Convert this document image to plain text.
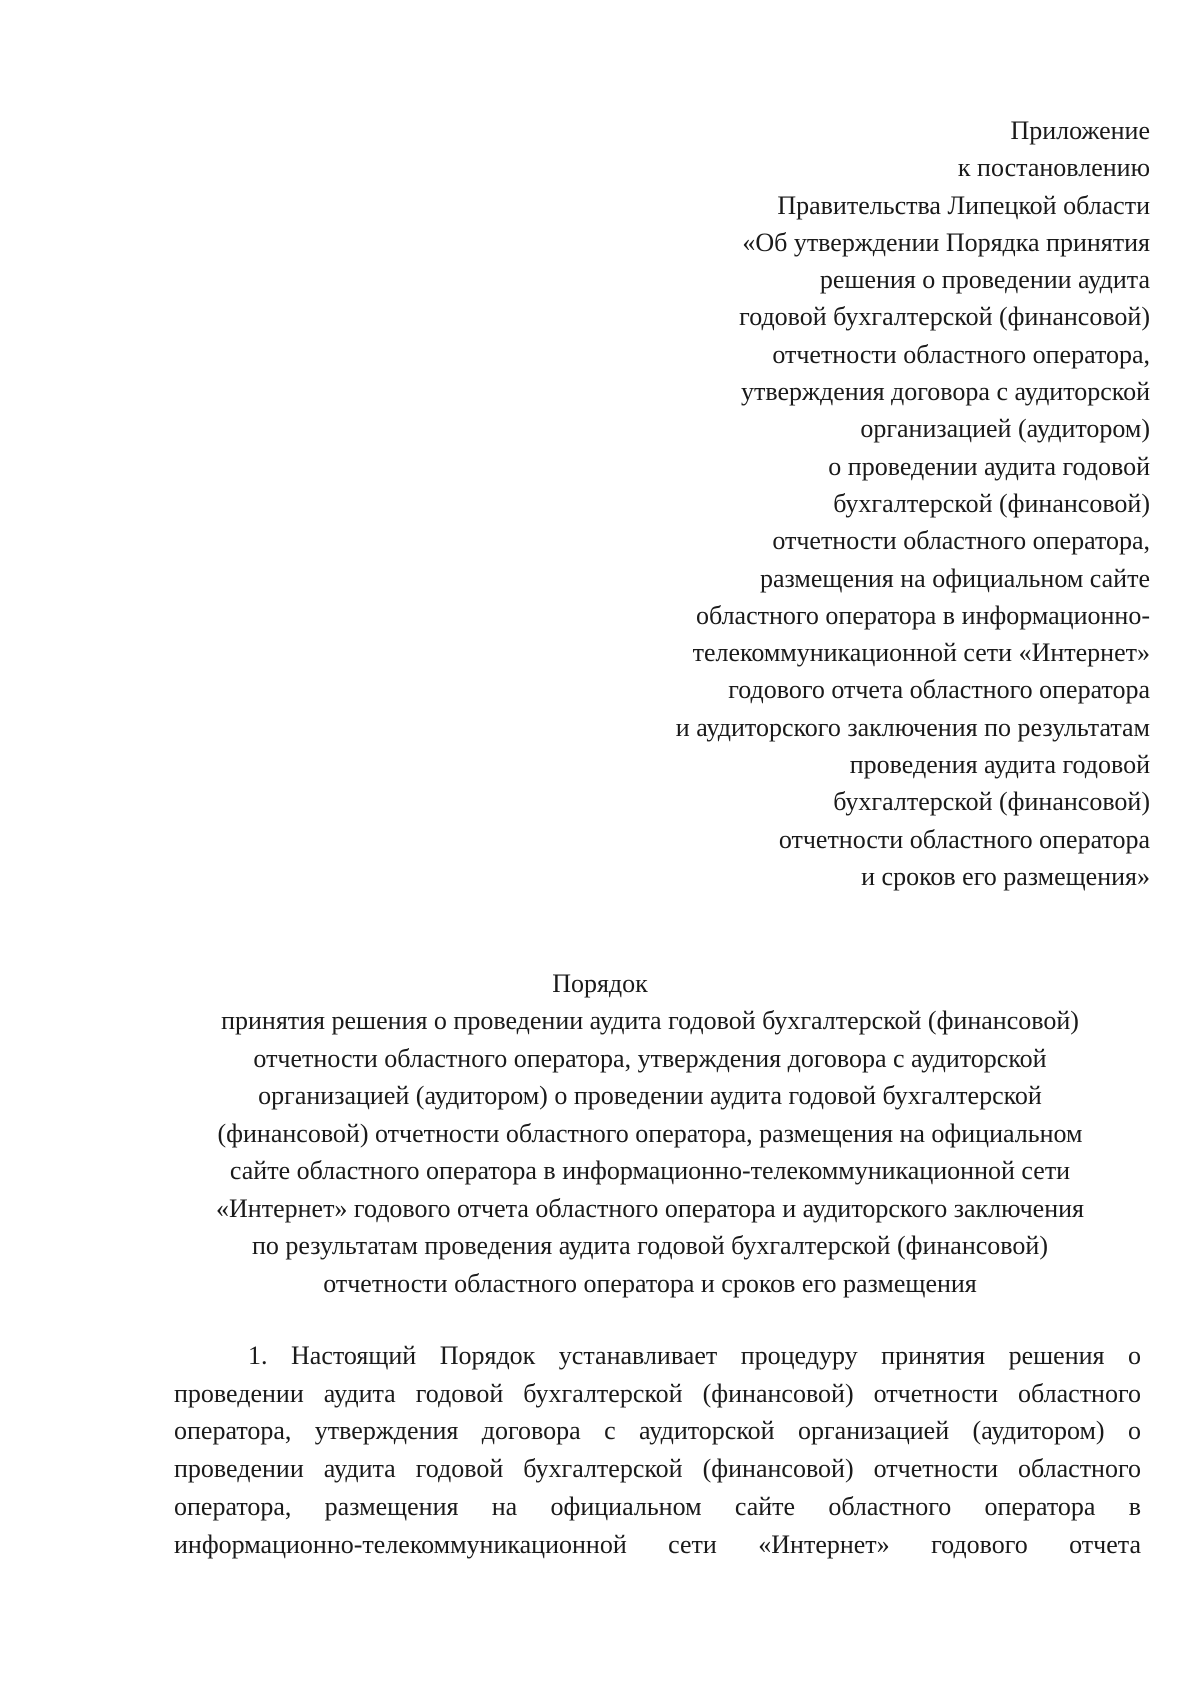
Приложение
к постановлению
Правительства Липецкой области
«Об утверждении Порядка принятия
решения о проведении аудита
годовой бухгалтерской (финансовой)
отчетности областного оператора,
утверждения договора с аудиторской
организацией (аудитором)
о проведении аудита годовой
бухгалтерской (финансовой)
отчетности областного оператора,
размещения на официальном сайте
областного оператора в информационно-
телекоммуникационной сети «Интернет»
годового отчета областного оператора
и аудиторского заключения по результатам
проведения аудита годовой
бухгалтерской (финансовой)
отчетности областного оператора
и сроков его размещения»
Порядок
принятия решения о проведении аудита годовой бухгалтерской (финансовой)
отчетности областного оператора, утверждения договора с аудиторской
организацией (аудитором) о проведении аудита годовой бухгалтерской
(финансовой) отчетности областного оператора, размещения на официальном
сайте областного оператора в информационно-телекоммуникационной сети
«Интернет» годового отчета областного оператора и аудиторского заключения
по результатам проведения аудита годовой бухгалтерской (финансовой)
отчетности областного оператора и сроков его размещения
1. Настоящий Порядок устанавливает процедуру принятия решения о
проведении аудита годовой бухгалтерской (финансовой) отчетности областного
оператора, утверждения договора с аудиторской организацией (аудитором) о
проведении аудита годовой бухгалтерской (финансовой) отчетности областного
оператора, размещения на официальном сайте областного оператора в
информационно-телекоммуникационной сети «Интернет» годового отчета
